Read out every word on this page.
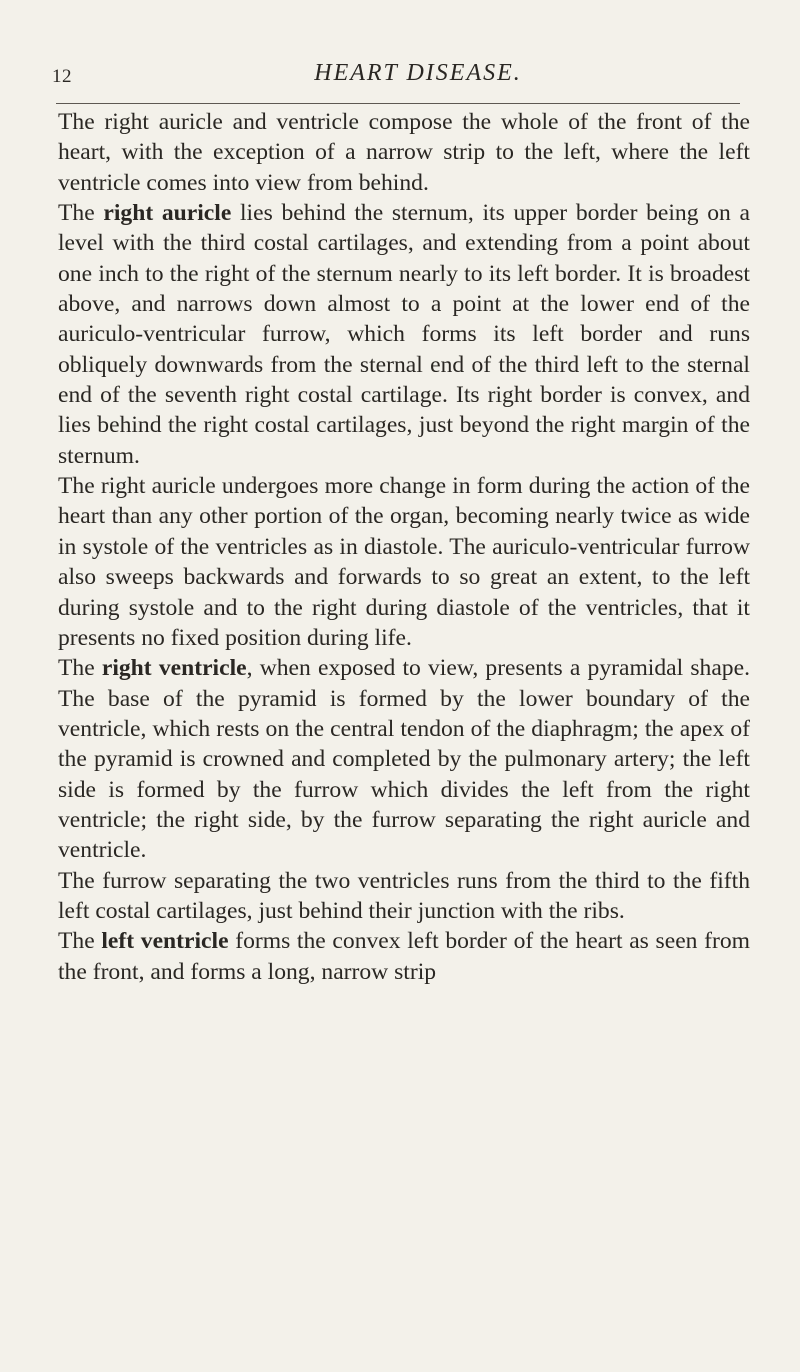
12	HEART DISEASE.

The right auricle and ventricle compose the whole of the front of the heart, with the exception of a narrow strip to the left, where the left ventricle comes into view from behind.

The right auricle lies behind the sternum, its upper border being on a level with the third costal cartilages, and extending from a point about one inch to the right of the sternum nearly to its left border. It is broadest above, and narrows down almost to a point at the lower end of the auriculo-ventricular furrow, which forms its left border and runs obliquely downwards from the sternal end of the third left to the sternal end of the seventh right costal cartilage. Its right border is convex, and lies behind the right costal cartilages, just beyond the right margin of the sternum.

The right auricle undergoes more change in form during the action of the heart than any other portion of the organ, becoming nearly twice as wide in systole of the ventricles as in diastole. The auriculo-ventricular furrow also sweeps backwards and forwards to so great an extent, to the left during systole and to the right during diastole of the ventricles, that it presents no fixed position during life.

The right ventricle, when exposed to view, presents a pyramidal shape. The base of the pyramid is formed by the lower boundary of the ventricle, which rests on the central tendon of the diaphragm; the apex of the pyramid is crowned and completed by the pulmonary artery; the left side is formed by the furrow which divides the left from the right ventricle; the right side, by the furrow separating the right auricle and ventricle.

The furrow separating the two ventricles runs from the third to the fifth left costal cartilages, just behind their junction with the ribs.

The left ventricle forms the convex left border of the heart as seen from the front, and forms a long, narrow strip
